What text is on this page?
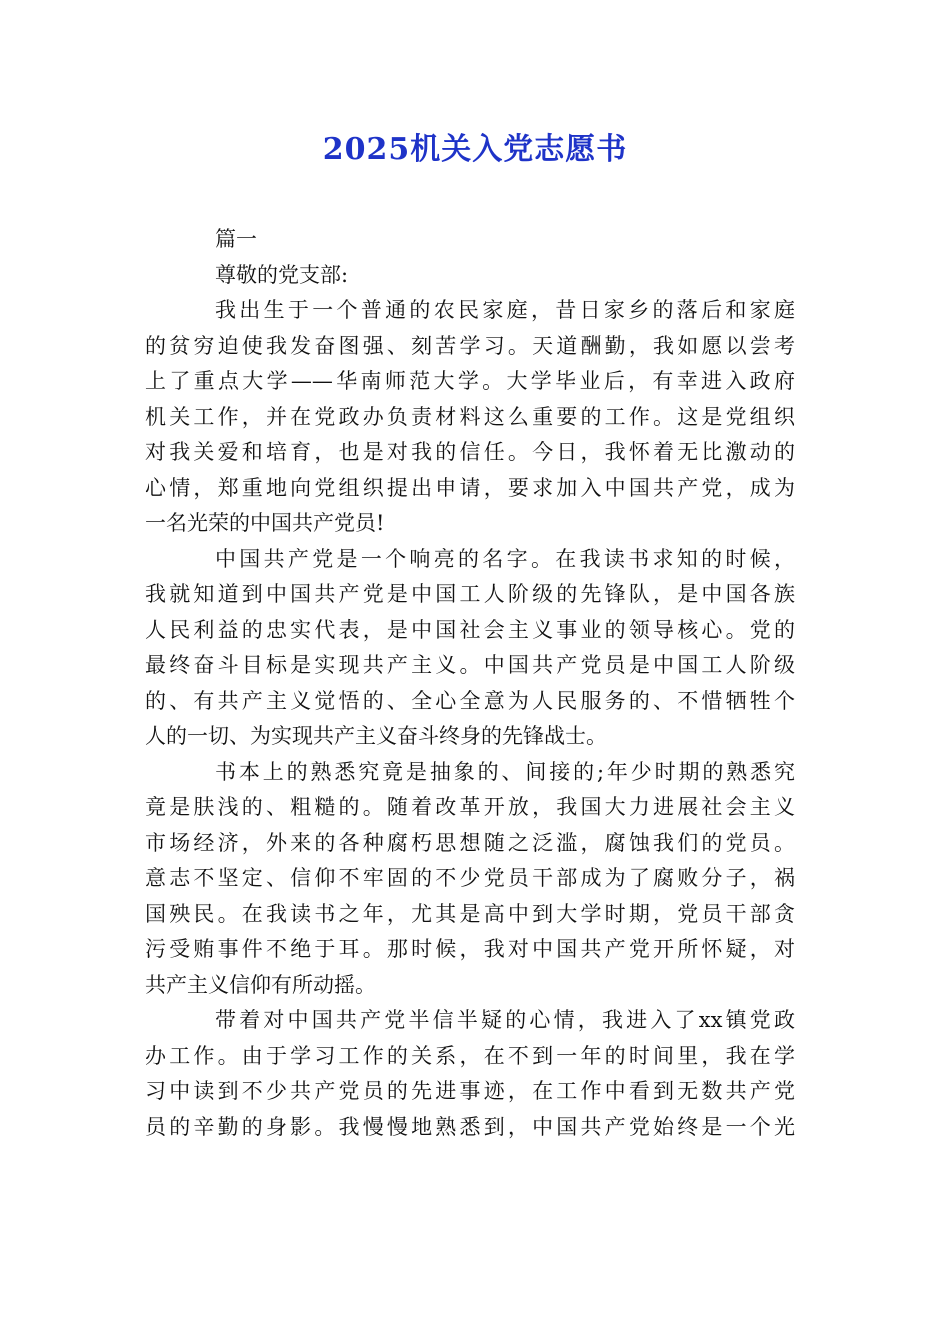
2025机关入党志愿书

篇一

尊敬的党支部:

我出生于一个普通的农民家庭，昔日家乡的落后和家庭

的贫穷迫使我发奋图强、刻苦学习。天道酬勤，我如愿以尝考

上了重点大学——华南师范大学。大学毕业后，有幸进入政府

机关工作，并在党政办负责材料这么重要的工作。这是党组织

对我关爱和培育，也是对我的信任。今日，我怀着无比激动的

心情，郑重地向党组织提出申请，要求加入中国共产党，成为

一名光荣的中国共产党员!

中国共产党是一个响亮的名字。在我读书求知的时候，

我就知道到中国共产党是中国工人阶级的先锋队，是中国各族

人民利益的忠实代表，是中国社会主义事业的领导核心。党的

最终奋斗目标是实现共产主义。中国共产党员是中国工人阶级

的、有共产主义觉悟的、全心全意为人民服务的、不惜牺牲个

人的一切、为实现共产主义奋斗终身的先锋战士。

书本上的熟悉究竟是抽象的、间接的;年少时期的熟悉究

竟是肤浅的、粗糙的。随着改革开放，我国大力进展社会主义

市场经济，外来的各种腐朽思想随之泛滥，腐蚀我们的党员。

意志不坚定、信仰不牢固的不少党员干部成为了腐败分子，祸

国殃民。在我读书之年，尤其是高中到大学时期，党员干部贪

污受贿事件不绝于耳。那时候，我对中国共产党开所怀疑，对

共产主义信仰有所动摇。

带着对中国共产党半信半疑的心情，我进入了xx镇党政

办工作。由于学习工作的关系，在不到一年的时间里，我在学

习中读到不少共产党员的先进事迹，在工作中看到无数共产党

员的辛勤的身影。我慢慢地熟悉到，中国共产党始终是一个光
